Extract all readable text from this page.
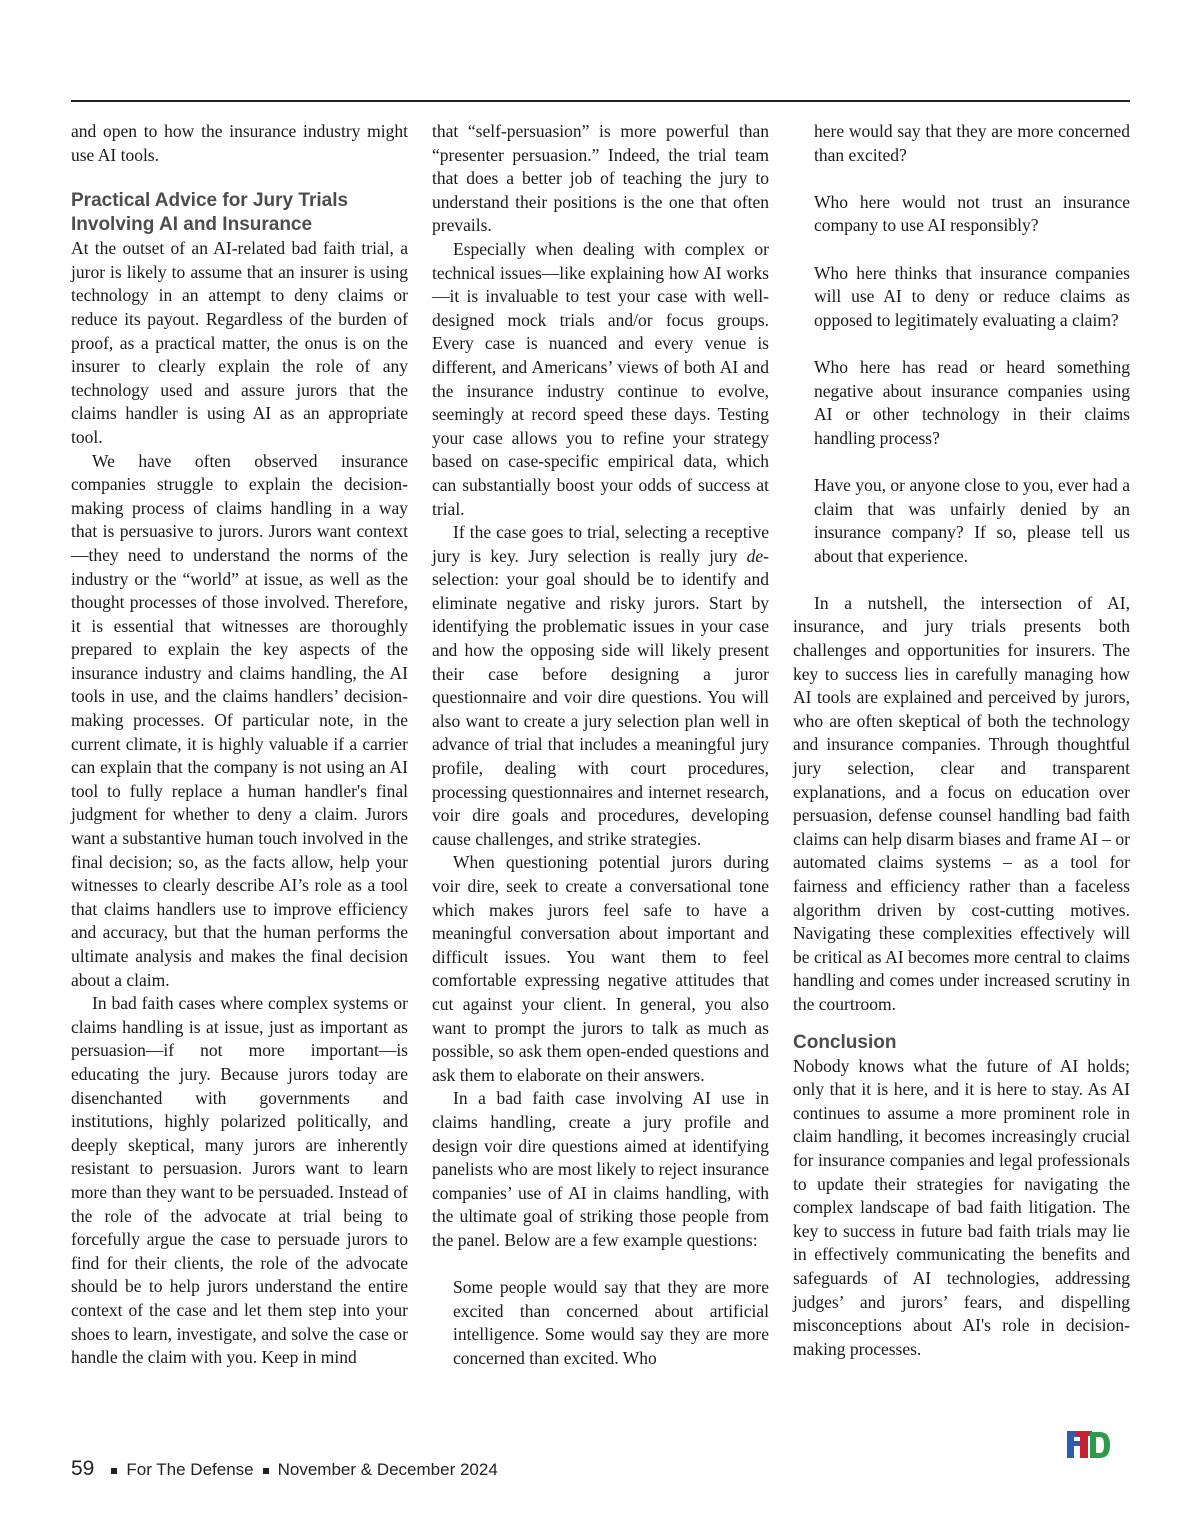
and open to how the insurance industry might use AI tools.

Practical Advice for Jury Trials Involving AI and Insurance

At the outset of an AI-related bad faith trial, a juror is likely to assume that an insurer is using technology in an attempt to deny claims or reduce its payout. Regardless of the burden of proof, as a practical matter, the onus is on the insurer to clearly explain the role of any technology used and assure jurors that the claims handler is using AI as an appropriate tool.

We have often observed insurance companies struggle to explain the decision-making process of claims handling in a way that is persuasive to jurors. Jurors want context—they need to understand the norms of the industry or the “world” at issue, as well as the thought processes of those involved. Therefore, it is essential that witnesses are thoroughly prepared to explain the key aspects of the insurance industry and claims handling, the AI tools in use, and the claims handlers’ decision-making processes. Of particular note, in the current climate, it is highly valuable if a carrier can explain that the company is not using an AI tool to fully replace a human handler's final judgment for whether to deny a claim. Jurors want a substantive human touch involved in the final decision; so, as the facts allow, help your witnesses to clearly describe AI’s role as a tool that claims handlers use to improve efficiency and accuracy, but that the human performs the ultimate analysis and makes the final decision about a claim.

In bad faith cases where complex systems or claims handling is at issue, just as important as persuasion—if not more important—is educating the jury. Because jurors today are disenchanted with governments and institutions, highly polarized politically, and deeply skeptical, many jurors are inherently resistant to persuasion. Jurors want to learn more than they want to be persuaded. Instead of the role of the advocate at trial being to forcefully argue the case to persuade jurors to find for their clients, the role of the advocate should be to help jurors understand the entire context of the case and let them step into your shoes to learn, investigate, and solve the case or handle the claim with you. Keep in mind

that “self-persuasion” is more powerful than “presenter persuasion.” Indeed, the trial team that does a better job of teaching the jury to understand their positions is the one that often prevails.

Especially when dealing with complex or technical issues—like explaining how AI works—it is invaluable to test your case with well-designed mock trials and/or focus groups. Every case is nuanced and every venue is different, and Americans’ views of both AI and the insurance industry continue to evolve, seemingly at record speed these days. Testing your case allows you to refine your strategy based on case-specific empirical data, which can substantially boost your odds of success at trial.

If the case goes to trial, selecting a receptive jury is key. Jury selection is really jury de-selection: your goal should be to identify and eliminate negative and risky jurors. Start by identifying the problematic issues in your case and how the opposing side will likely present their case before designing a juror questionnaire and voir dire questions. You will also want to create a jury selection plan well in advance of trial that includes a meaningful jury profile, dealing with court procedures, processing questionnaires and internet research, voir dire goals and procedures, developing cause challenges, and strike strategies.

When questioning potential jurors during voir dire, seek to create a conversational tone which makes jurors feel safe to have a meaningful conversation about important and difficult issues. You want them to feel comfortable expressing negative attitudes that cut against your client. In general, you also want to prompt the jurors to talk as much as possible, so ask them open-ended questions and ask them to elaborate on their answers.

In a bad faith case involving AI use in claims handling, create a jury profile and design voir dire questions aimed at identifying panelists who are most likely to reject insurance companies’ use of AI in claims handling, with the ultimate goal of striking those people from the panel. Below are a few example questions:

Some people would say that they are more excited than concerned about artificial intelligence. Some would say they are more concerned than excited. Who

here would say that they are more concerned than excited?

Who here would not trust an insurance company to use AI responsibly?

Who here thinks that insurance companies will use AI to deny or reduce claims as opposed to legitimately evaluating a claim?

Who here has read or heard something negative about insurance companies using AI or other technology in their claims handling process?

Have you, or anyone close to you, ever had a claim that was unfairly denied by an insurance company? If so, please tell us about that experience.

In a nutshell, the intersection of AI, insurance, and jury trials presents both challenges and opportunities for insurers. The key to success lies in carefully managing how AI tools are explained and perceived by jurors, who are often skeptical of both the technology and insurance companies. Through thoughtful jury selection, clear and transparent explanations, and a focus on education over persuasion, defense counsel handling bad faith claims can help disarm biases and frame AI – or automated claims systems – as a tool for fairness and efficiency rather than a faceless algorithm driven by cost-cutting motives. Navigating these complexities effectively will be critical as AI becomes more central to claims handling and comes under increased scrutiny in the courtroom.

Conclusion

Nobody knows what the future of AI holds; only that it is here, and it is here to stay. As AI continues to assume a more prominent role in claim handling, it becomes increasingly crucial for insurance companies and legal professionals to update their strategies for navigating the complex landscape of bad faith litigation. The key to success in future bad faith trials may lie in effectively communicating the benefits and safeguards of AI technologies, addressing judges’ and jurors’ fears, and dispelling misconceptions about AI's role in decision-making processes.

59 For The Defense November & December 2024
